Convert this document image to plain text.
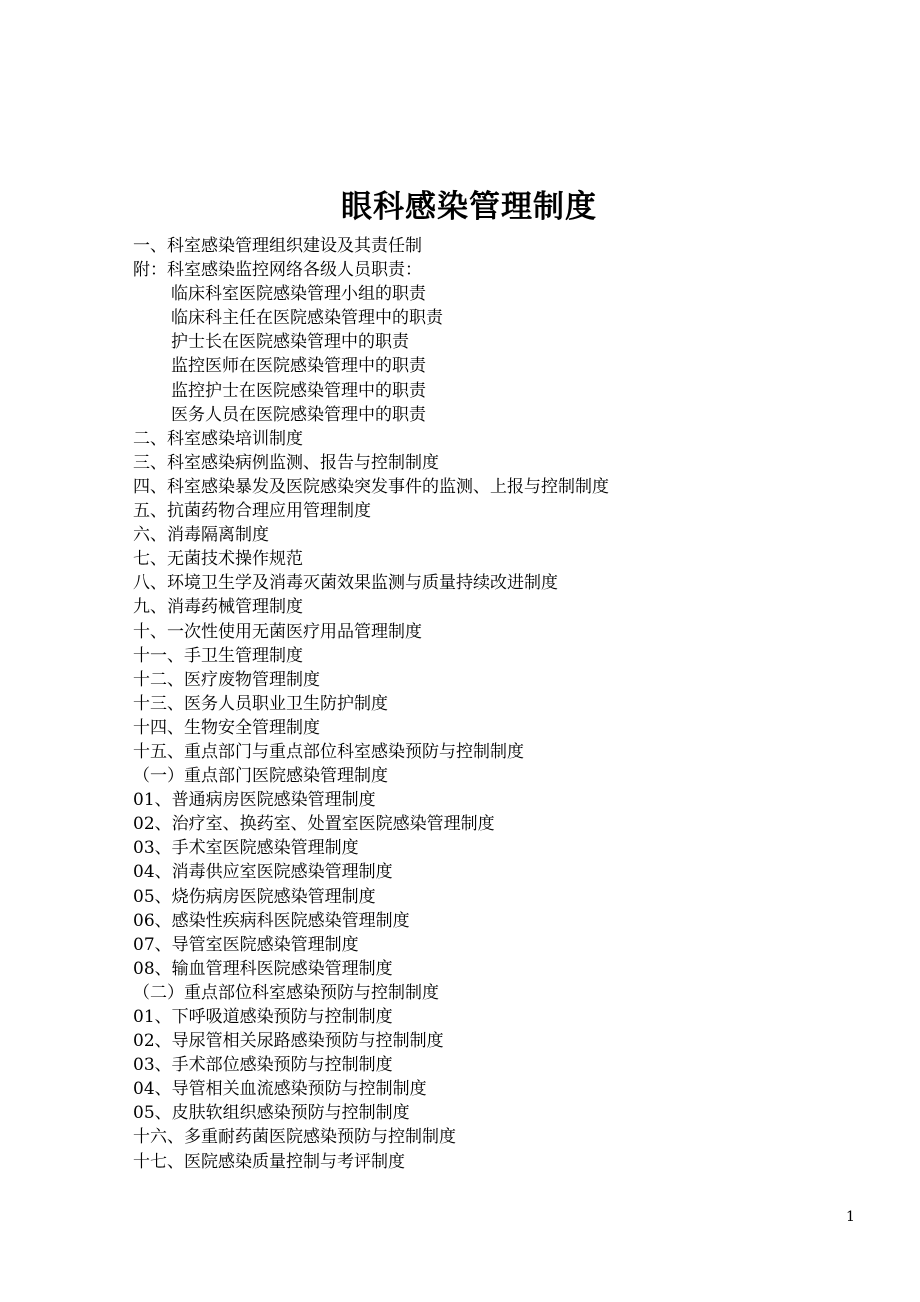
眼科感染管理制度
一、科室感染管理组织建设及其责任制
附：科室感染监控网络各级人员职责：
临床科室医院感染管理小组的职责
临床科主任在医院感染管理中的职责
护士长在医院感染管理中的职责
监控医师在医院感染管理中的职责
监控护士在医院感染管理中的职责
医务人员在医院感染管理中的职责
二、科室感染培训制度
三、科室感染病例监测、报告与控制制度
四、科室感染暴发及医院感染突发事件的监测、上报与控制制度
五、抗菌药物合理应用管理制度
六、消毒隔离制度
七、无菌技术操作规范
八、环境卫生学及消毒灭菌效果监测与质量持续改进制度
九、消毒药械管理制度
十、一次性使用无菌医疗用品管理制度
十一、手卫生管理制度
十二、医疗废物管理制度
十三、医务人员职业卫生防护制度
十四、生物安全管理制度
十五、重点部门与重点部位科室感染预防与控制制度
（一）重点部门医院感染管理制度
01、普通病房医院感染管理制度
02、治疗室、换药室、处置室医院感染管理制度
03、手术室医院感染管理制度
04、消毒供应室医院感染管理制度
05、烧伤病房医院感染管理制度
06、感染性疾病科医院感染管理制度
07、导管室医院感染管理制度
08、输血管理科医院感染管理制度
（二）重点部位科室感染预防与控制制度
01、下呼吸道感染预防与控制制度
02、导尿管相关尿路感染预防与控制制度
03、手术部位感染预防与控制制度
04、导管相关血流感染预防与控制制度
05、皮肤软组织感染预防与控制制度
十六、多重耐药菌医院感染预防与控制制度
十七、医院感染质量控制与考评制度
1
